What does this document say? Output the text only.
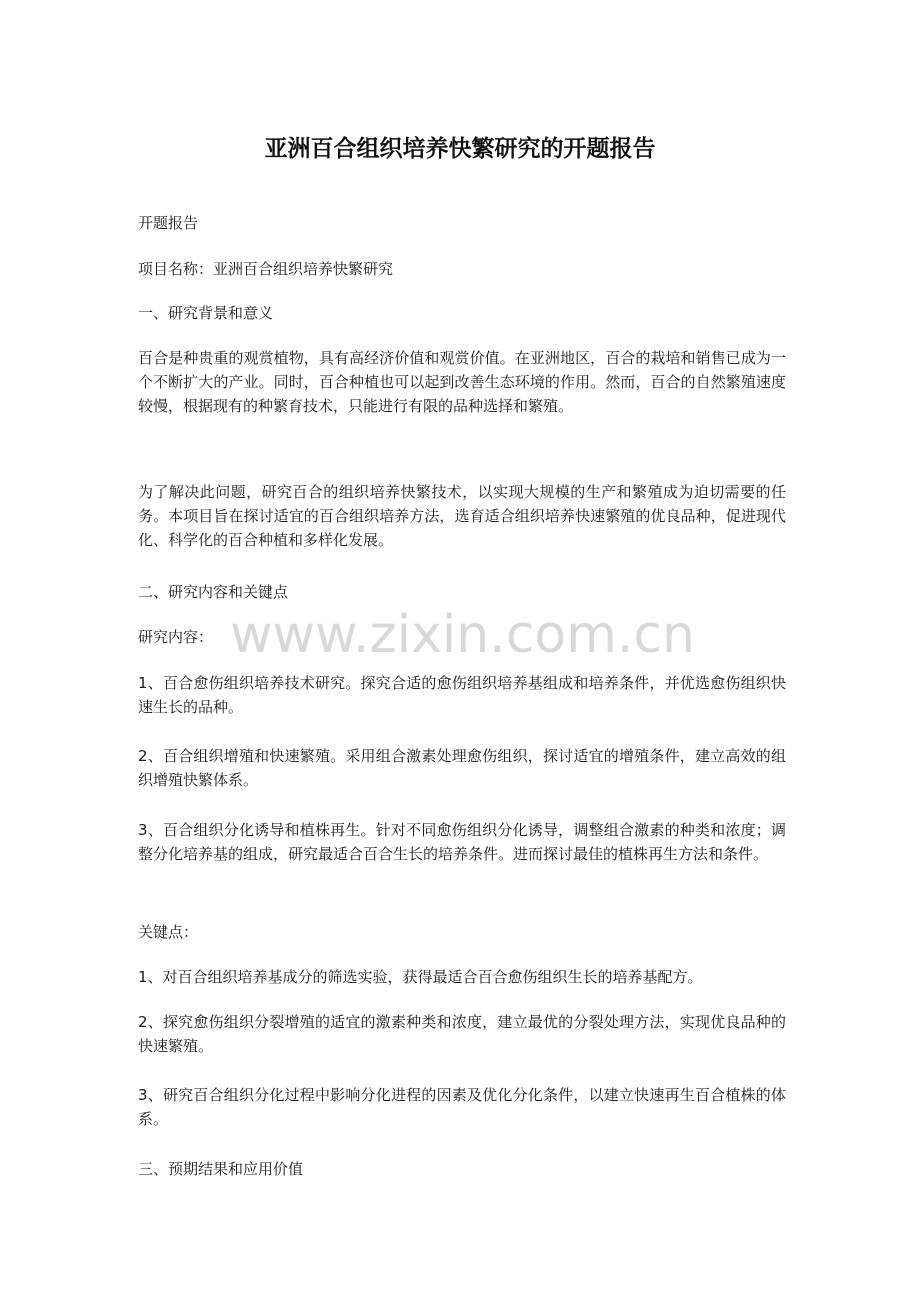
亚洲百合组织培养快繁研究的开题报告

开题报告

项目名称：亚洲百合组织培养快繁研究

一、研究背景和意义

百合是种贵重的观赏植物，具有高经济价值和观赏价值。在亚洲地区，百合的栽培和销售已成为一个不断扩大的产业。同时，百合种植也可以起到改善生态环境的作用。然而，百合的自然繁殖速度较慢，根据现有的种繁育技术，只能进行有限的品种选择和繁殖。

为了解决此问题，研究百合的组织培养快繁技术，以实现大规模的生产和繁殖成为迫切需要的任务。本项目旨在探讨适宜的百合组织培养方法，选育适合组织培养快速繁殖的优良品种，促进现代化、科学化的百合种植和多样化发展。

二、研究内容和关键点

研究内容：

1、百合愈伤组织培养技术研究。探究合适的愈伤组织培养基组成和培养条件，并优选愈伤组织快速生长的品种。

2、百合组织增殖和快速繁殖。采用组合激素处理愈伤组织，探讨适宜的增殖条件，建立高效的组织增殖快繁体系。

3、百合组织分化诱导和植株再生。针对不同愈伤组织分化诱导，调整组合激素的种类和浓度；调整分化培养基的组成，研究最适合百合生长的培养条件。进而探讨最佳的植株再生方法和条件。

关键点：

1、对百合组织培养基成分的筛选实验，获得最适合百合愈伤组织生长的培养基配方。

2、探究愈伤组织分裂增殖的适宜的激素种类和浓度，建立最优的分裂处理方法，实现优良品种的快速繁殖。

3、研究百合组织分化过程中影响分化进程的因素及优化分化条件，以建立快速再生百合植株的体系。

三、预期结果和应用价值

www.zixin.com.cn
